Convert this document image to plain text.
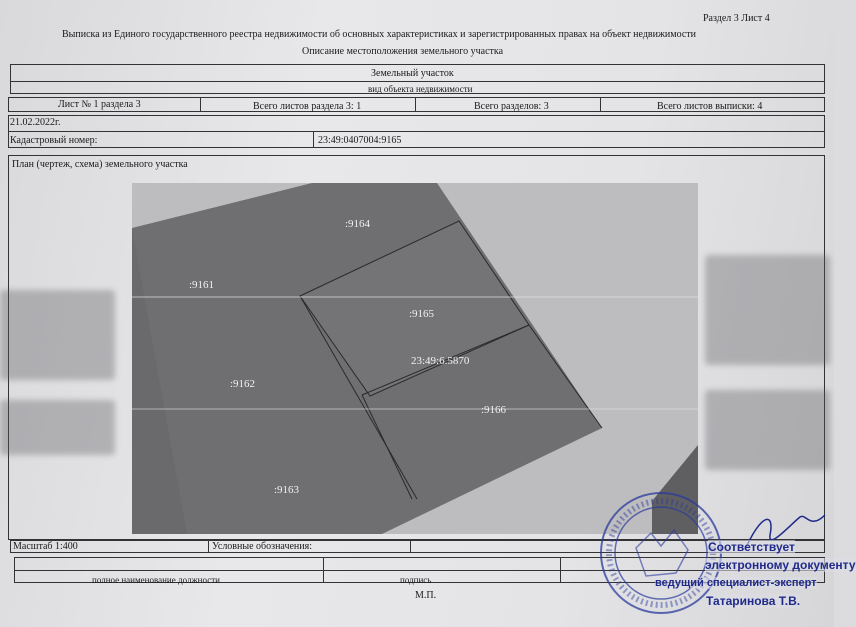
Раздел 3 Лист 4
Выписка из Единого государственного реестра недвижимости об основных характеристиках и зарегистрированных правах на объект недвижимости
Описание местоположения земельного участка
Земельный участок
вид объекта недвижимости
Лист № 1 раздела 3	Всего листов раздела 3: 1	Всего разделов: 3	Всего листов выписки: 4
21.02.2022г.
Кадастровый номер:	23:49:0407004:9165
План (чертеж, схема) земельного участка
:9164
:9161
:9165
23:49:6.5870
:9162
:9166
:9163
Масштаб 1:400	Условные обозначения:
полное наименование должности	подпись
М.П.
Соответствует
электронному документу
ведущий специалист-эксперт
Татаринова Т.В.
